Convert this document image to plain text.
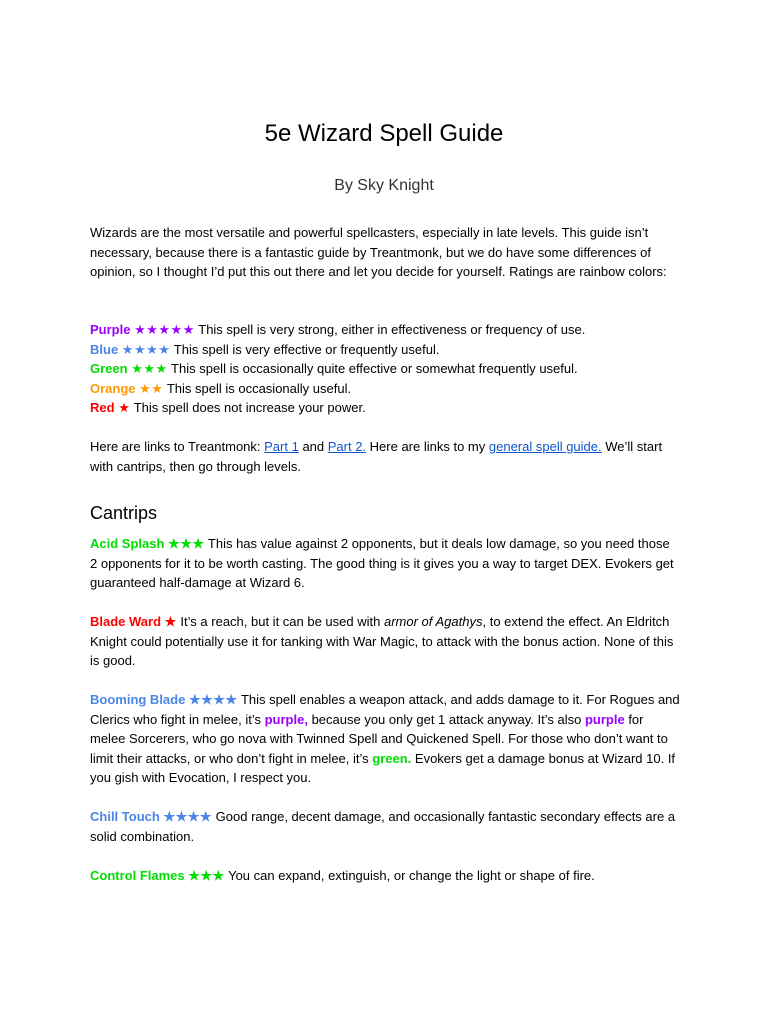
5e Wizard Spell Guide

By Sky Knight

Wizards are the most versatile and powerful spellcasters, especially in late levels. This guide isn’t necessary, because there is a fantastic guide by Treantmonk, but we do have some differences of opinion, so I thought I’d put this out there and let you decide for yourself. Ratings are rainbow colors:

Purple ★★★★★ This spell is very strong, either in effectiveness or frequency of use.
Blue ★★★★ This spell is very effective or frequently useful.
Green ★★★ This spell is occasionally quite effective or somewhat frequently useful.
Orange ★★ This spell is occasionally useful.
Red ★ This spell does not increase your power.

Here are links to Treantmonk: Part 1 and Part 2. Here are links to my general spell guide. We’ll start with cantrips, then go through levels.

Cantrips

Acid Splash ★★★ This has value against 2 opponents, but it deals low damage, so you need those 2 opponents for it to be worth casting. The good thing is it gives you a way to target DEX. Evokers get guaranteed half-damage at Wizard 6.

Blade Ward ★ It’s a reach, but it can be used with armor of Agathys, to extend the effect. An Eldritch Knight could potentially use it for tanking with War Magic, to attack with the bonus action. None of this is good.

Booming Blade ★★★★ This spell enables a weapon attack, and adds damage to it. For Rogues and Clerics who fight in melee, it’s purple, because you only get 1 attack anyway. It’s also purple for melee Sorcerers, who go nova with Twinned Spell and Quickened Spell. For those who don’t want to limit their attacks, or who don’t fight in melee, it’s green. Evokers get a damage bonus at Wizard 10. If you gish with Evocation, I respect you.

Chill Touch ★★★★ Good range, decent damage, and occasionally fantastic secondary effects are a solid combination.

Control Flames ★★★ You can expand, extinguish, or change the light or shape of fire.
